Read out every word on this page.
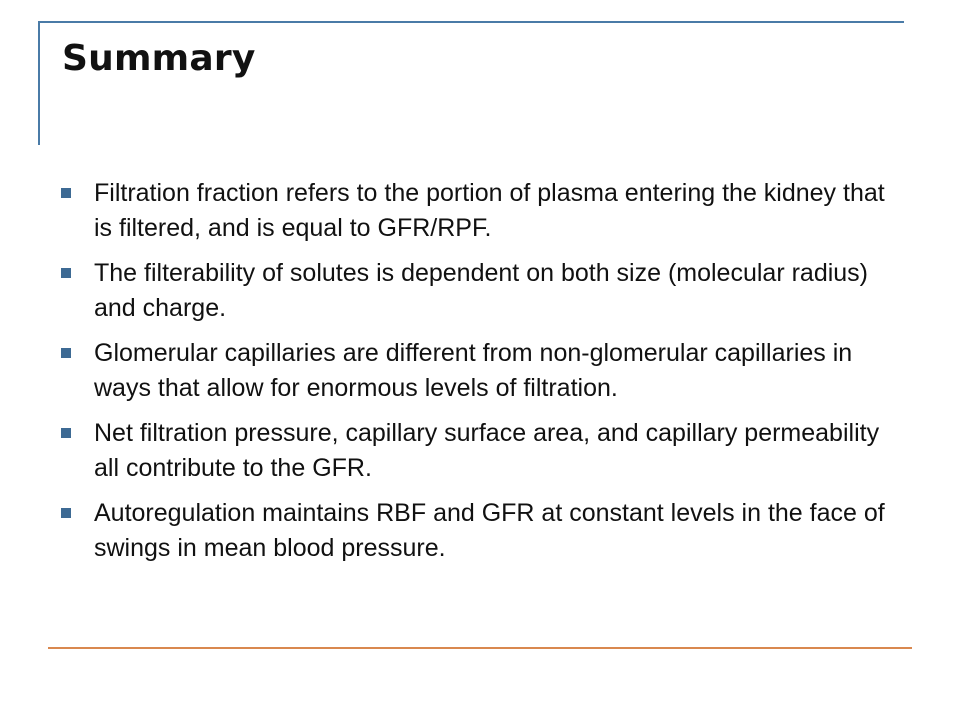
Summary
Filtration fraction refers to the portion of plasma entering the kidney that is filtered, and is equal to GFR/RPF.
The filterability of solutes is dependent on both size (molecular radius) and charge.
Glomerular capillaries are different from non-glomerular capillaries in ways that allow for enormous levels of filtration.
Net filtration pressure, capillary surface area, and capillary permeability all contribute to the GFR.
Autoregulation maintains RBF and GFR at constant levels in the face of swings in mean blood pressure.
